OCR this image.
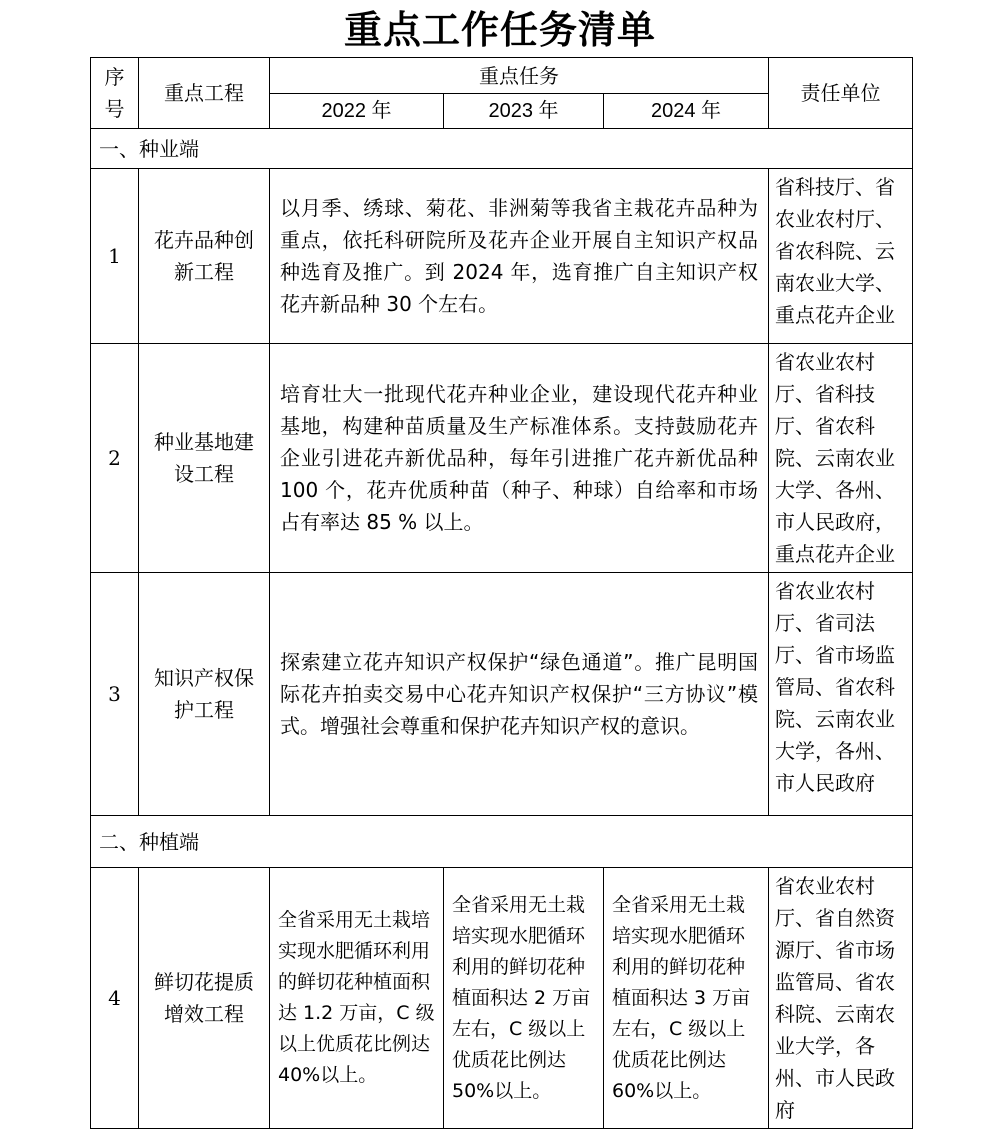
重点工作任务清单
序号	重点工程	重点任务			责任单位
		2022 年	2023 年	2024 年	
一、种业端					
1	花卉品种创新工程	以月季、绣球、菊花、非洲菊等我省主栽花卉品种为重点，依托科研院所及花卉企业开展自主知识产权品种选育及推广。到 2024 年，选育推广自主知识产权花卉新品种 30 个左右。			省科技厅、省农业农村厅、省农科院、云南农业大学、重点花卉企业
2	种业基地建设工程	培育壮大一批现代花卉种业企业，建设现代花卉种业基地，构建种苗质量及生产标准体系。支持鼓励花卉企业引进花卉新优品种，每年引进推广花卉新优品种 100 个，花卉优质种苗（种子、种球）自给率和市场占有率达 85 % 以上。			省农业农村厅、省科技厅、省农科院、云南农业大学、各州、市人民政府，重点花卉企业
3	知识产权保护工程	探索建立花卉知识产权保护“绿色通道”。推广昆明国际花卉拍卖交易中心花卉知识产权保护“三方协议”模式。增强社会尊重和保护花卉知识产权的意识。			省农业农村厅、省司法厅、省市场监管局、省农科院、云南农业大学，各州、市人民政府
二、种植端					
4	鲜切花提质增效工程	全省采用无土栽培实现水肥循环利用的鲜切花种植面积达 1.2 万亩，C 级以上优质花比例达 40%以上。	全省采用无土栽培实现水肥循环利用的鲜切花种植面积达 2 万亩左右，C 级以上优质花比例达 50%以上。	全省采用无土栽培实现水肥循环利用的鲜切花种植面积达 3 万亩左右，C 级以上优质花比例达 60%以上。	省农业农村厅、省自然资源厅、省市场监管局、省农科院、云南农业大学，各州、市人民政府
